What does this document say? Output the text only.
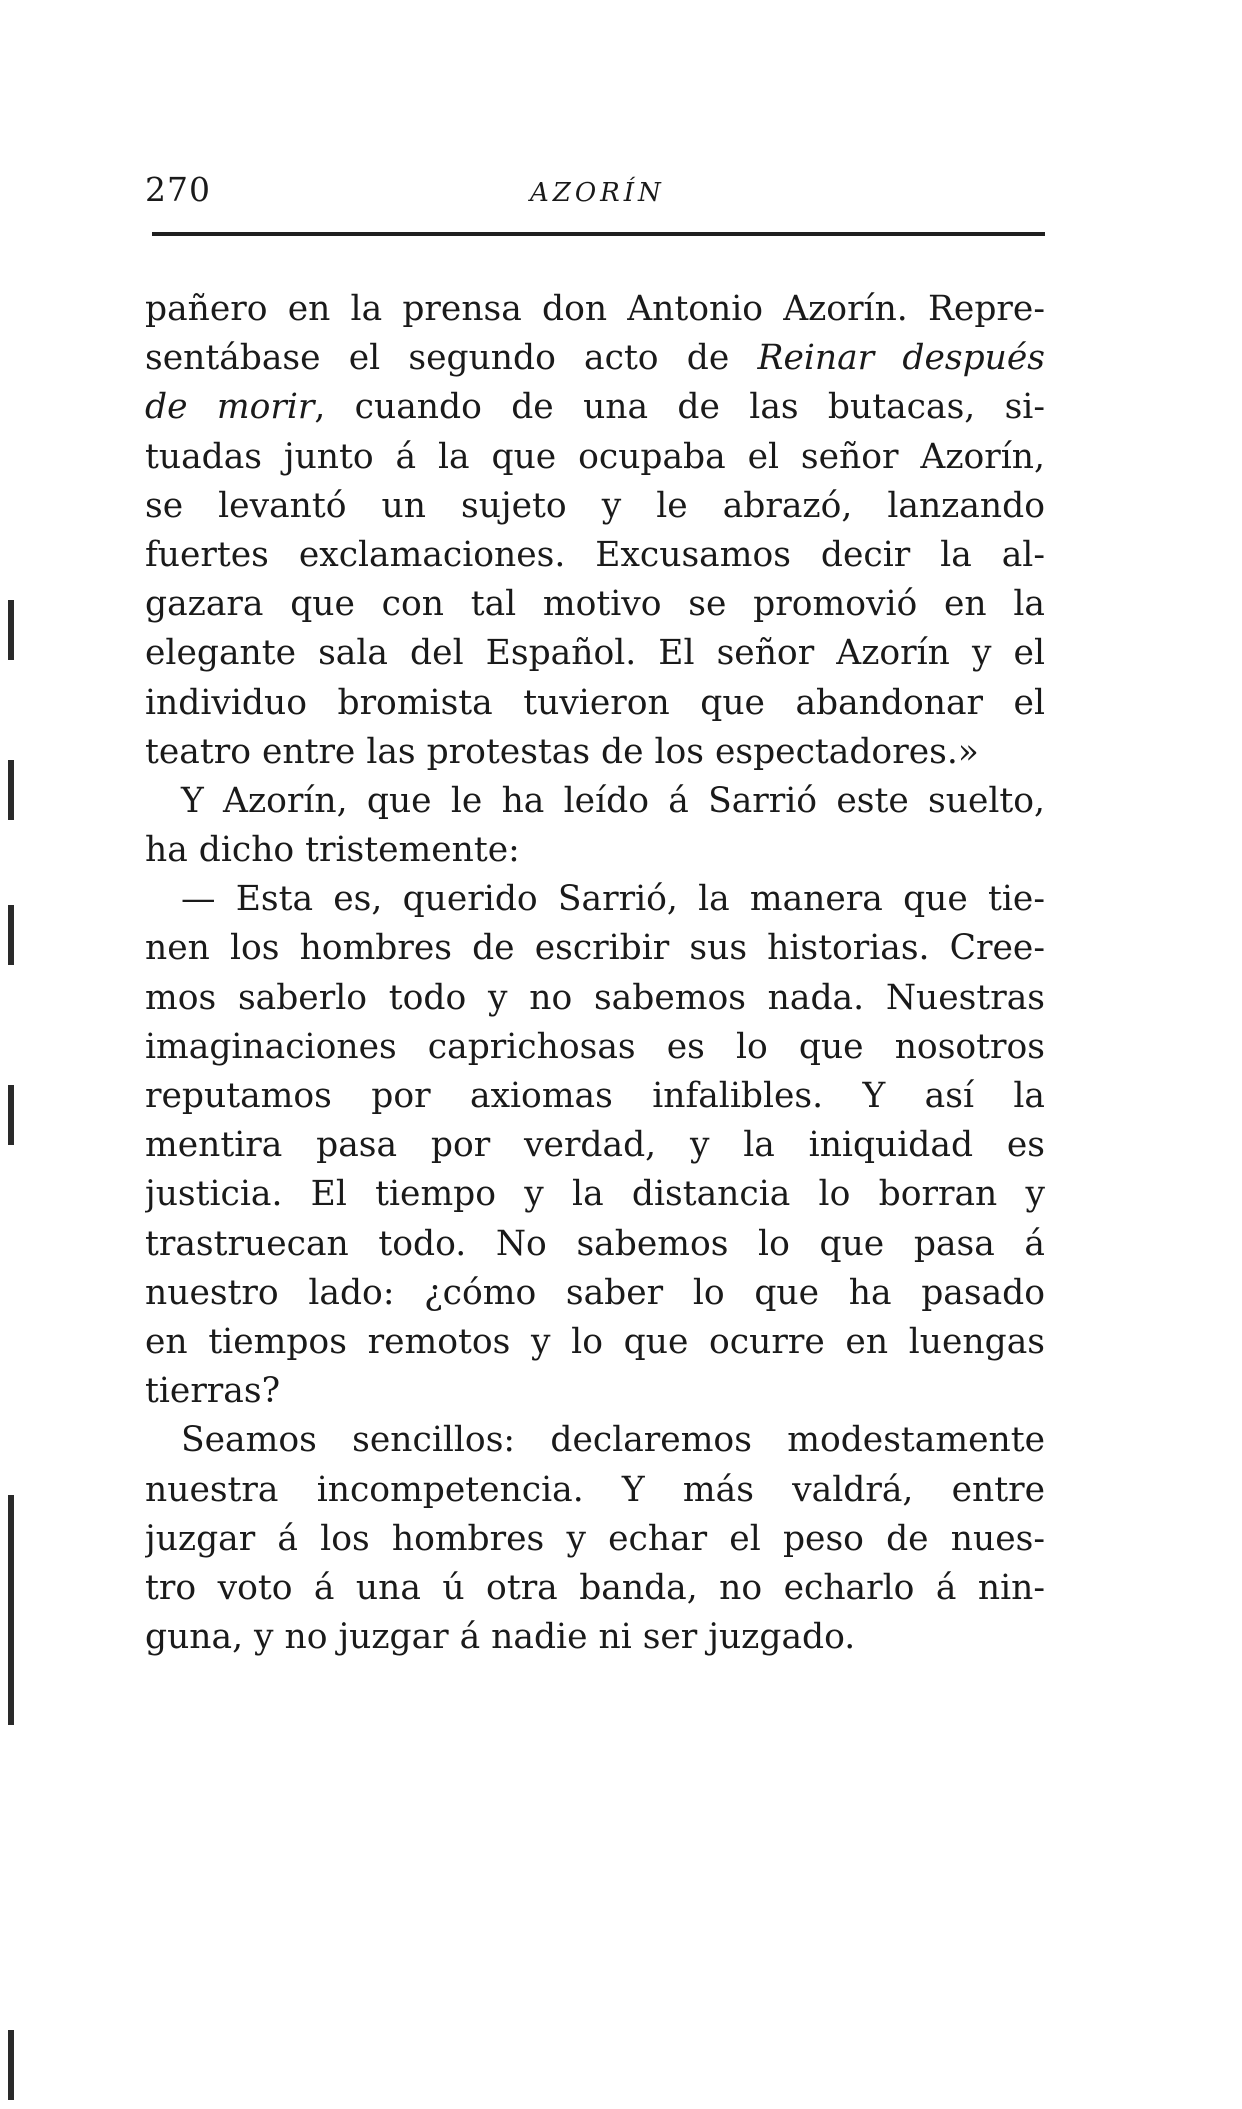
270	AZORÍN
pañero en la prensa don Antonio Azorín. Repre-
sentábase el segundo acto de Reinar después
de morir, cuando de una de las butacas, si-
tuadas junto á la que ocupaba el señor Azorín,
se levantó un sujeto y le abrazó, lanzando
fuertes exclamaciones. Excusamos decir la al-
gazara que con tal motivo se promovió en la
elegante sala del Español. El señor Azorín y el
individuo bromista tuvieron que abandonar el
teatro entre las protestas de los espectadores.»
Y Azorín, que le ha leído á Sarrió este suelto,
ha dicho tristemente:
— Esta es, querido Sarrió, la manera que tie-
nen los hombres de escribir sus historias. Cree-
mos saberlo todo y no sabemos nada. Nuestras
imaginaciones caprichosas es lo que nosotros
reputamos por axiomas infalibles. Y así la
mentira pasa por verdad, y la iniquidad es
justicia. El tiempo y la distancia lo borran y
trastruecan todo. No sabemos lo que pasa á
nuestro lado: ¿cómo saber lo que ha pasado
en tiempos remotos y lo que ocurre en luengas
tierras?
Seamos sencillos: declaremos modestamente
nuestra incompetencia. Y más valdrá, entre
juzgar á los hombres y echar el peso de nues-
tro voto á una ú otra banda, no echarlo á nin-
guna, y no juzgar á nadie ni ser juzgado.
